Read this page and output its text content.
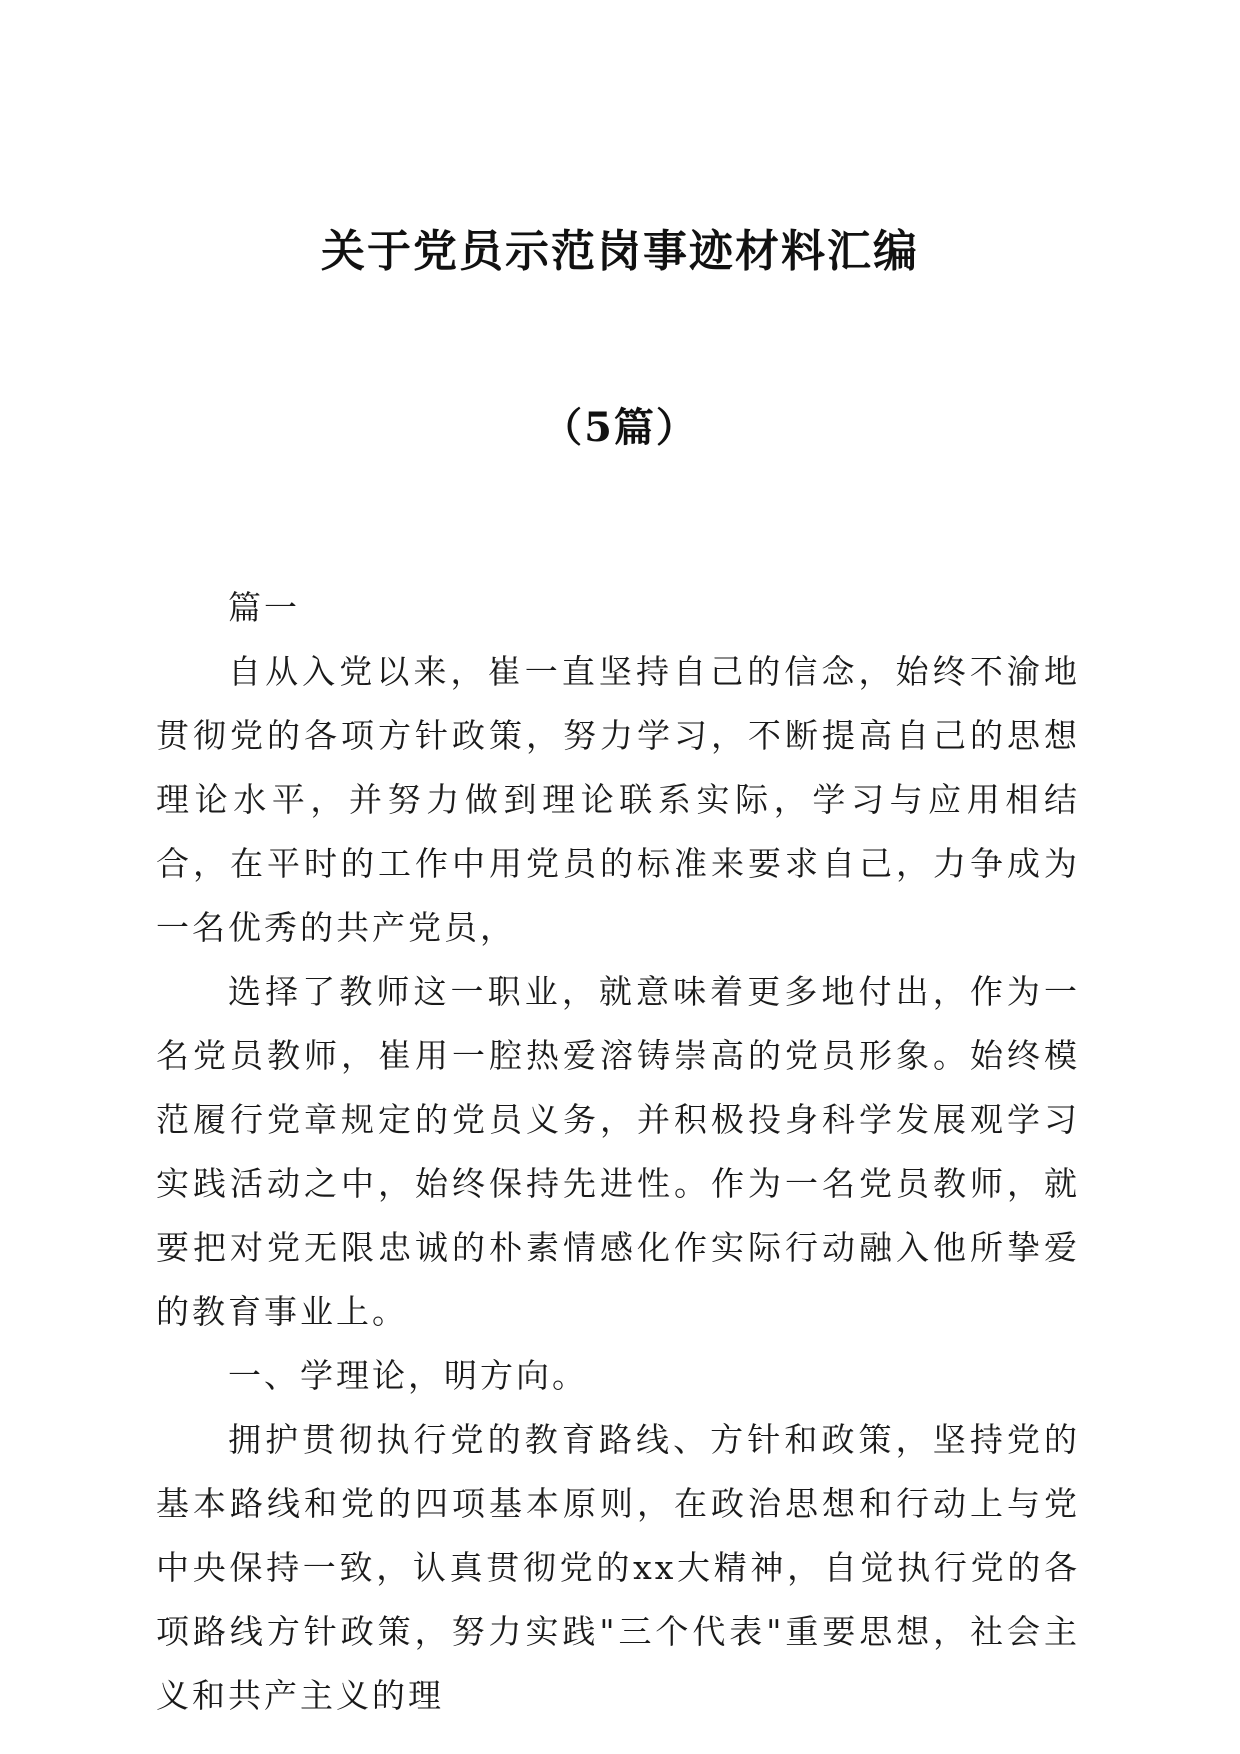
关于党员示范岗事迹材料汇编
（5篇）

篇一

自从入党以来，崔一直坚持自己的信念，始终不渝地贯彻党的各项方针政策，努力学习，不断提高自己的思想理论水平，并努力做到理论联系实际，学习与应用相结合，在平时的工作中用党员的标准来要求自己，力争成为一名优秀的共产党员，

选择了教师这一职业，就意味着更多地付出，作为一名党员教师，崔用一腔热爱溶铸崇高的党员形象。始终模范履行党章规定的党员义务，并积极投身科学发展观学习实践活动之中，始终保持先进性。作为一名党员教师，就要把对党无限忠诚的朴素情感化作实际行动融入他所挚爱的教育事业上。

一、学理论，明方向。

拥护贯彻执行党的教育路线、方针和政策，坚持党的基本路线和党的四项基本原则，在政治思想和行动上与党中央保持一致，认真贯彻党的xx大精神，自觉执行党的各项路线方针政策，努力实践"三个代表"重要思想，社会主义和共产主义的理
